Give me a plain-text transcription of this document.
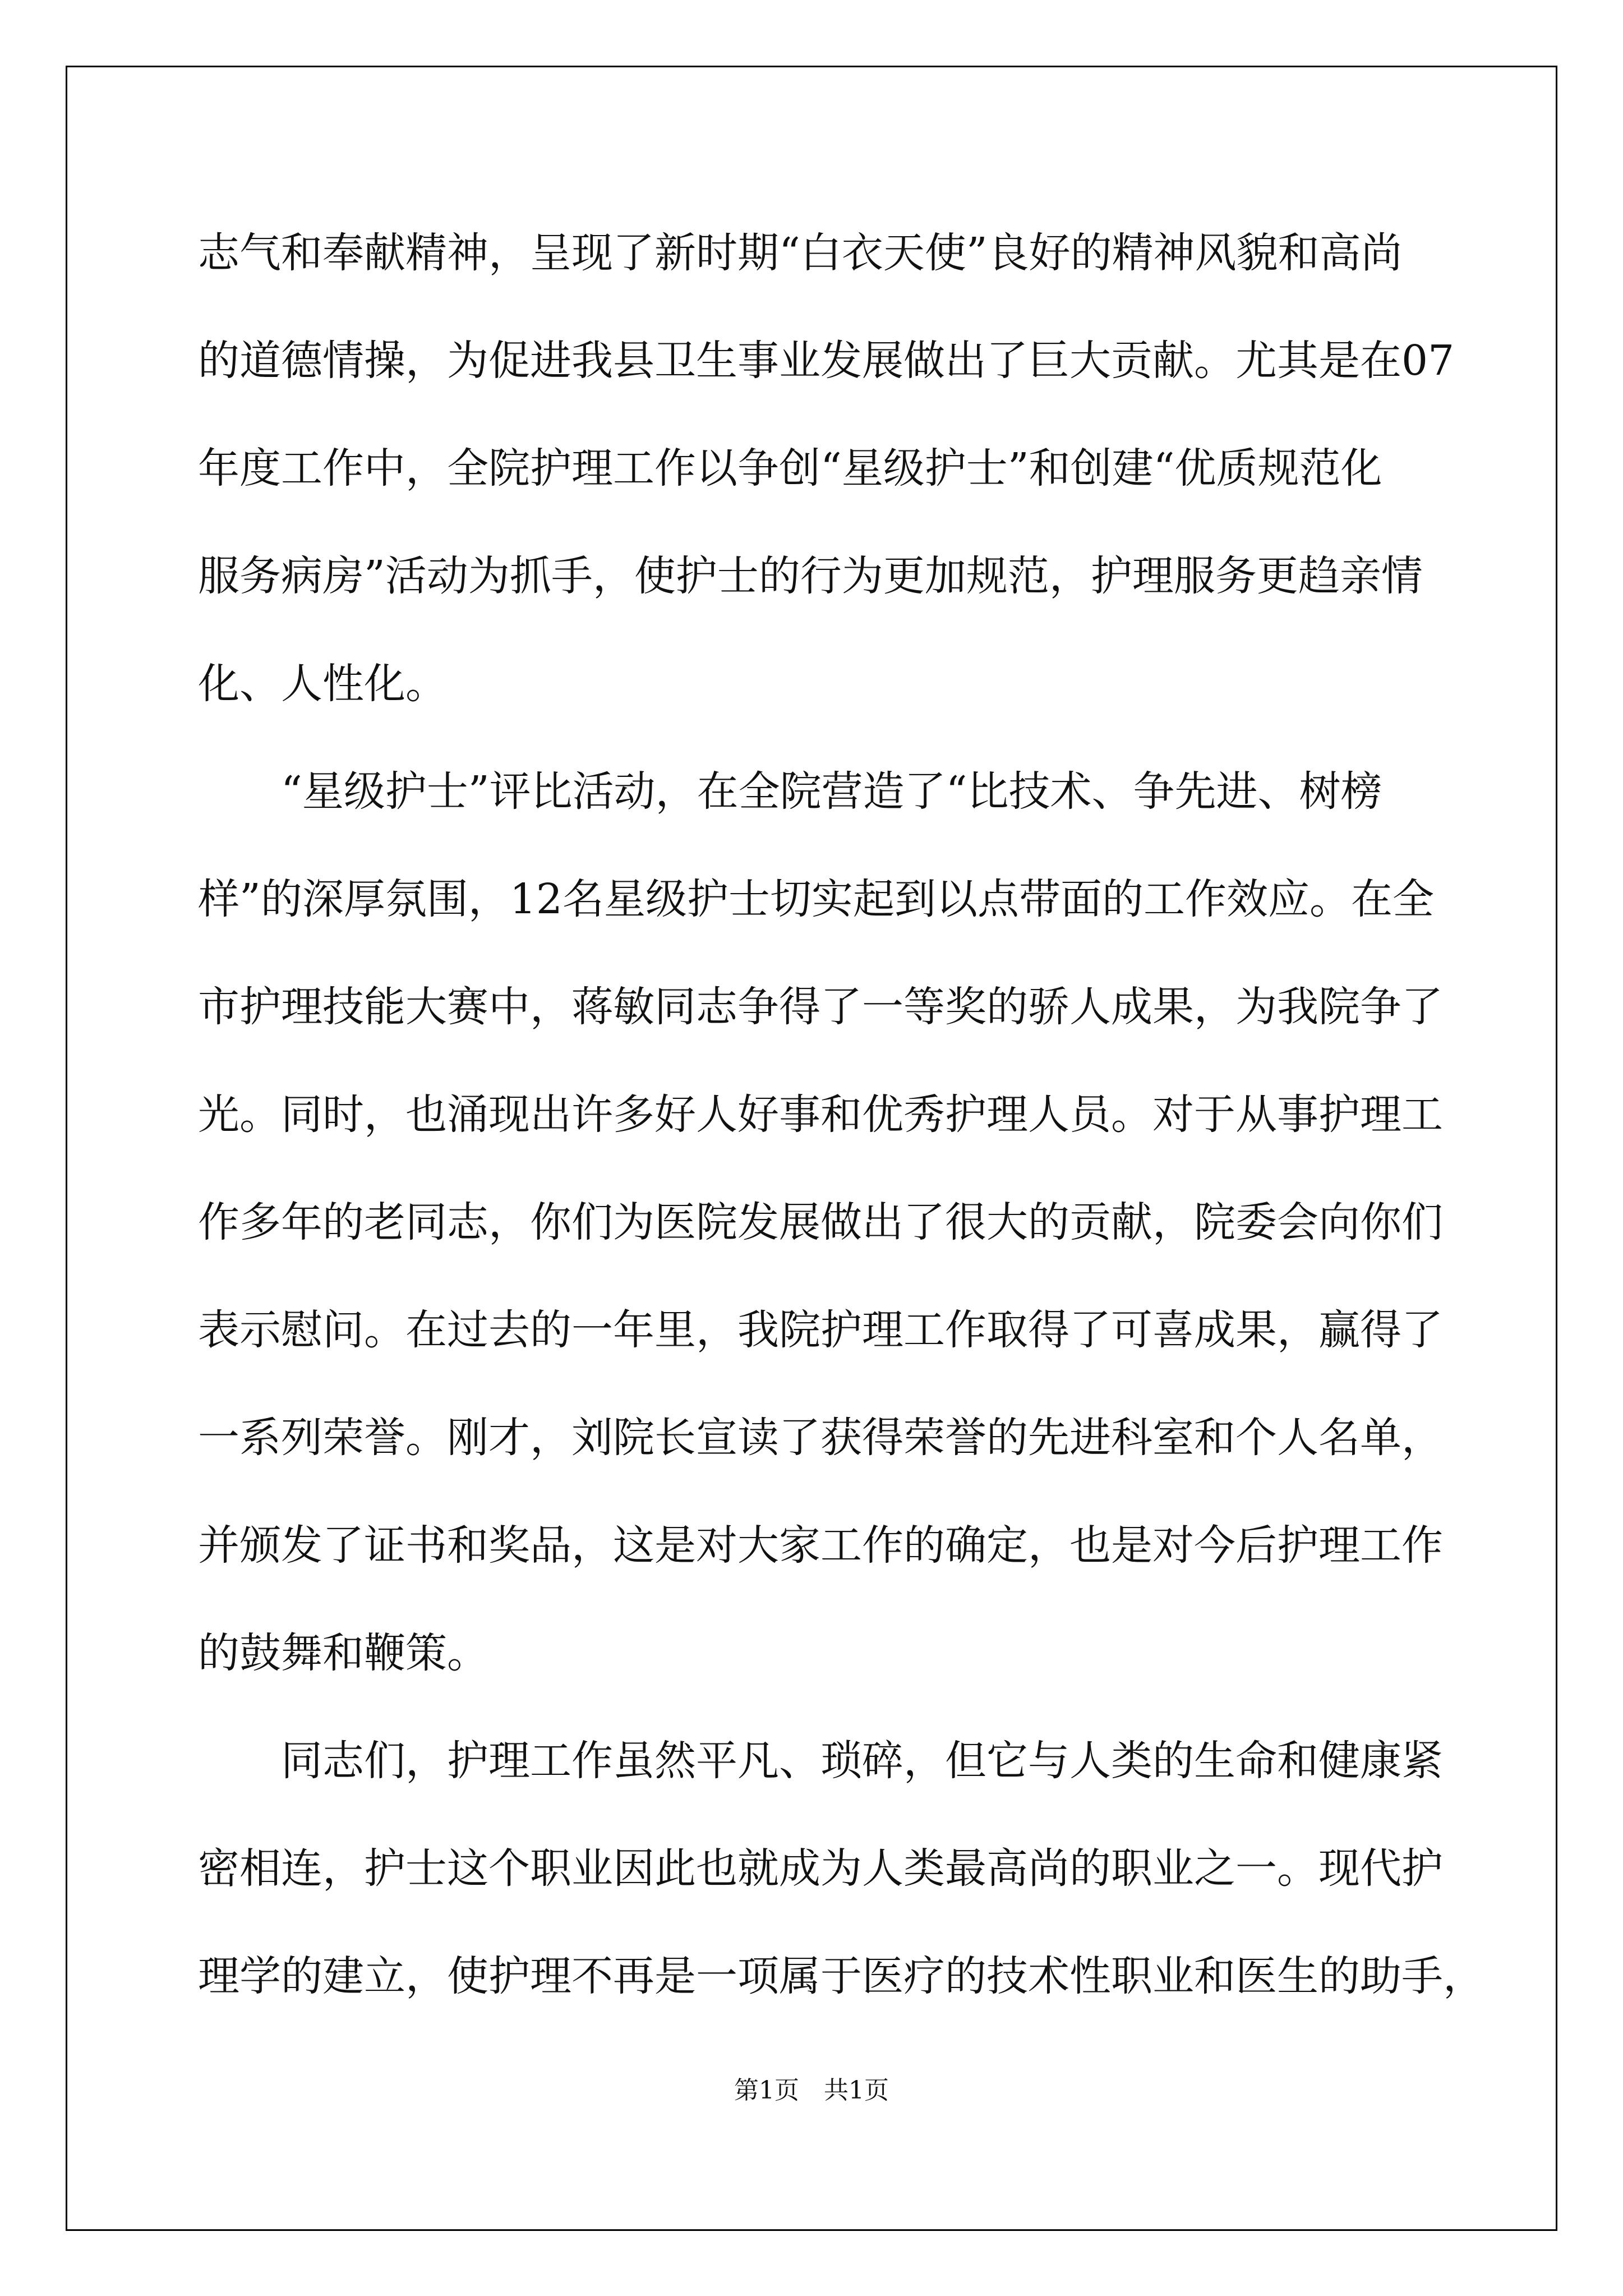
志气和奉献精神，呈现了新时期“白衣天使”良好的精神风貌和高尚
的道德情操，为促进我县卫生事业发展做出了巨大贡献。尤其是在07
年度工作中，全院护理工作以争创“星级护士”和创建“优质规范化
服务病房”活动为抓手，使护士的行为更加规范，护理服务更趋亲情
化、人性化。
　　“星级护士”评比活动，在全院营造了“比技术、争先进、树榜
样”的深厚氛围，12名星级护士切实起到以点带面的工作效应。在全
市护理技能大赛中，蒋敏同志争得了一等奖的骄人成果，为我院争了
光。同时，也涌现出许多好人好事和优秀护理人员。对于从事护理工
作多年的老同志，你们为医院发展做出了很大的贡献，院委会向你们
表示慰问。在过去的一年里，我院护理工作取得了可喜成果，赢得了
一系列荣誉。刚才，刘院长宣读了获得荣誉的先进科室和个人名单，
并颁发了证书和奖品，这是对大家工作的确定，也是对今后护理工作
的鼓舞和鞭策。
　　同志们，护理工作虽然平凡、琐碎，但它与人类的生命和健康紧
密相连，护士这个职业因此也就成为人类最高尚的职业之一。现代护
理学的建立，使护理不再是一项属于医疗的技术性职业和医生的助手，
第1页　共1页
